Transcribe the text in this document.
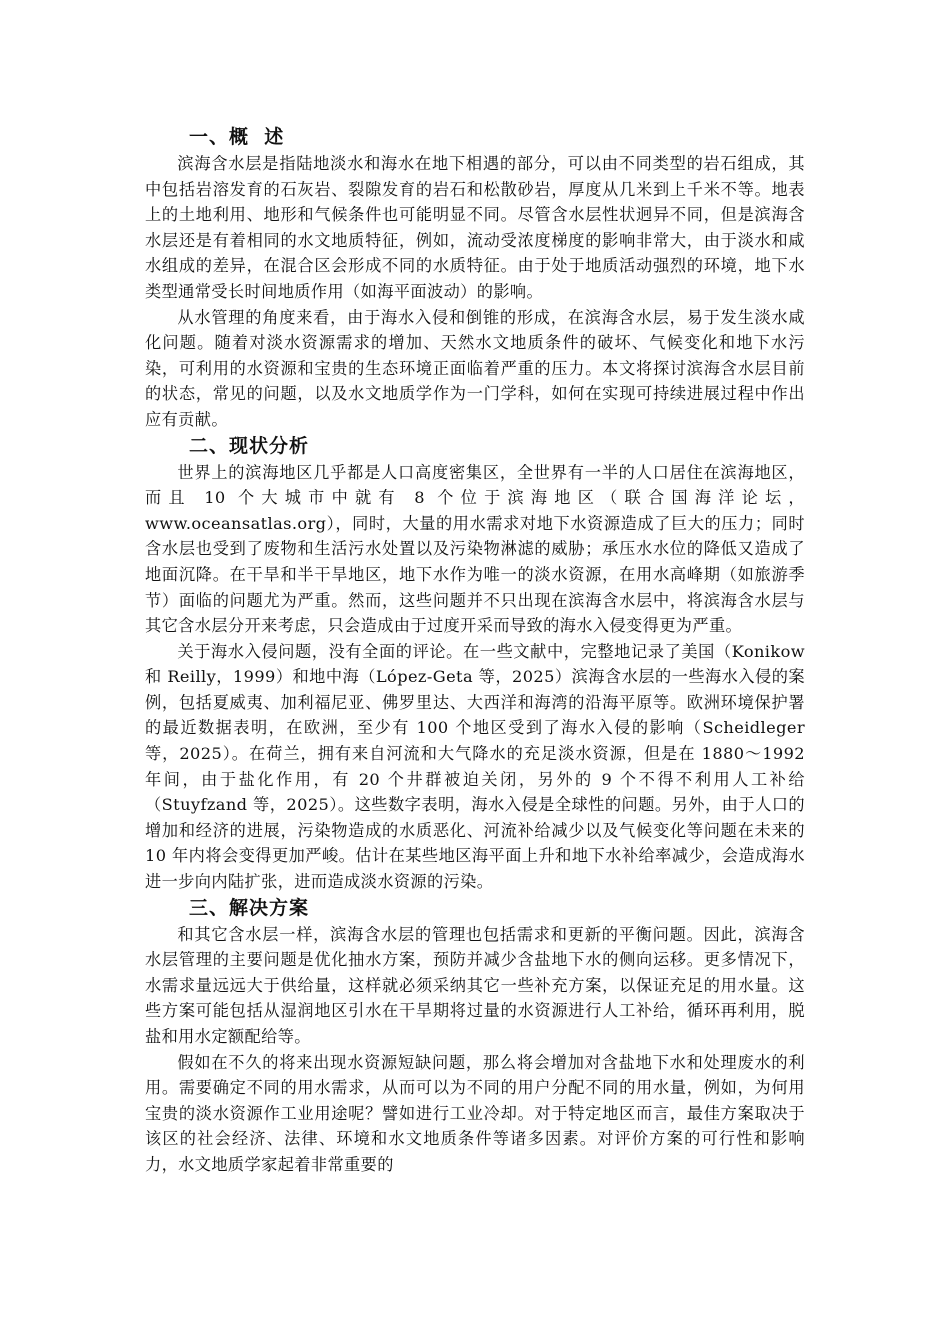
一、概  述

滨海含水层是指陆地淡水和海水在地下相遇的部分，可以由不同类型的岩石组成，其中包括岩溶发育的石灰岩、裂隙发育的岩石和松散砂岩，厚度从几米到上千米不等。地表上的土地利用、地形和气候条件也可能明显不同。尽管含水层性状迥异不同，但是滨海含水层还是有着相同的水文地质特征，例如，流动受浓度梯度的影响非常大，由于淡水和咸水组成的差异，在混合区会形成不同的水质特征。由于处于地质活动强烈的环境，地下水类型通常受长时间地质作用（如海平面波动）的影响。

从水管理的角度来看，由于海水入侵和倒锥的形成，在滨海含水层，易于发生淡水咸化问题。随着对淡水资源需求的增加、天然水文地质条件的破坏、气候变化和地下水污染，可利用的水资源和宝贵的生态环境正面临着严重的压力。本文将探讨滨海含水层目前的状态，常见的问题，以及水文地质学作为一门学科，如何在实现可持续进展过程中作出应有贡献。

二、现状分析

世界上的滨海地区几乎都是人口高度密集区，全世界有一半的人口居住在滨海地区，而且 10 个大城市中就有 8 个位于滨海地区（联合国海洋论坛，www.oceansatlas.org），同时，大量的用水需求对地下水资源造成了巨大的压力；同时含水层也受到了废物和生活污水处置以及污染物淋滤的威胁；承压水水位的降低又造成了地面沉降。在干旱和半干旱地区，地下水作为唯一的淡水资源，在用水高峰期（如旅游季节）面临的问题尤为严重。然而，这些问题并不只出现在滨海含水层中，将滨海含水层与其它含水层分开来考虑，只会造成由于过度开采而导致的海水入侵变得更为严重。

关于海水入侵问题，没有全面的评论。在一些文献中，完整地记录了美国（Konikow 和 Reilly，1999）和地中海（López-Geta 等，2025）滨海含水层的一些海水入侵的案例，包括夏威夷、加利福尼亚、佛罗里达、大西洋和海湾的沿海平原等。欧洲环境保护署的最近数据表明，在欧洲，至少有 100 个地区受到了海水入侵的影响（Scheidleger 等，2025）。在荷兰，拥有来自河流和大气降水的充足淡水资源，但是在 1880～1992 年间，由于盐化作用，有 20 个井群被迫关闭，另外的 9 个不得不利用人工补给（Stuyfzand 等，2025）。这些数字表明，海水入侵是全球性的问题。另外，由于人口的增加和经济的进展，污染物造成的水质恶化、河流补给减少以及气候变化等问题在未来的 10 年内将会变得更加严峻。估计在某些地区海平面上升和地下水补给率减少，会造成海水进一步向内陆扩张，进而造成淡水资源的污染。

三、解决方案

和其它含水层一样，滨海含水层的管理也包括需求和更新的平衡问题。因此，滨海含水层管理的主要问题是优化抽水方案，预防并减少含盐地下水的侧向运移。更多情况下，水需求量远远大于供给量，这样就必须采纳其它一些补充方案，以保证充足的用水量。这些方案可能包括从湿润地区引水在干旱期将过量的水资源进行人工补给，循环再利用，脱盐和用水定额配给等。

假如在不久的将来出现水资源短缺问题，那么将会增加对含盐地下水和处理废水的利用。需要确定不同的用水需求，从而可以为不同的用户分配不同的用水量，例如，为何用宝贵的淡水资源作工业用途呢？譬如进行工业冷却。对于特定地区而言，最佳方案取决于该区的社会经济、法律、环境和水文地质条件等诸多因素。对评价方案的可行性和影响力，水文地质学家起着非常重要的
